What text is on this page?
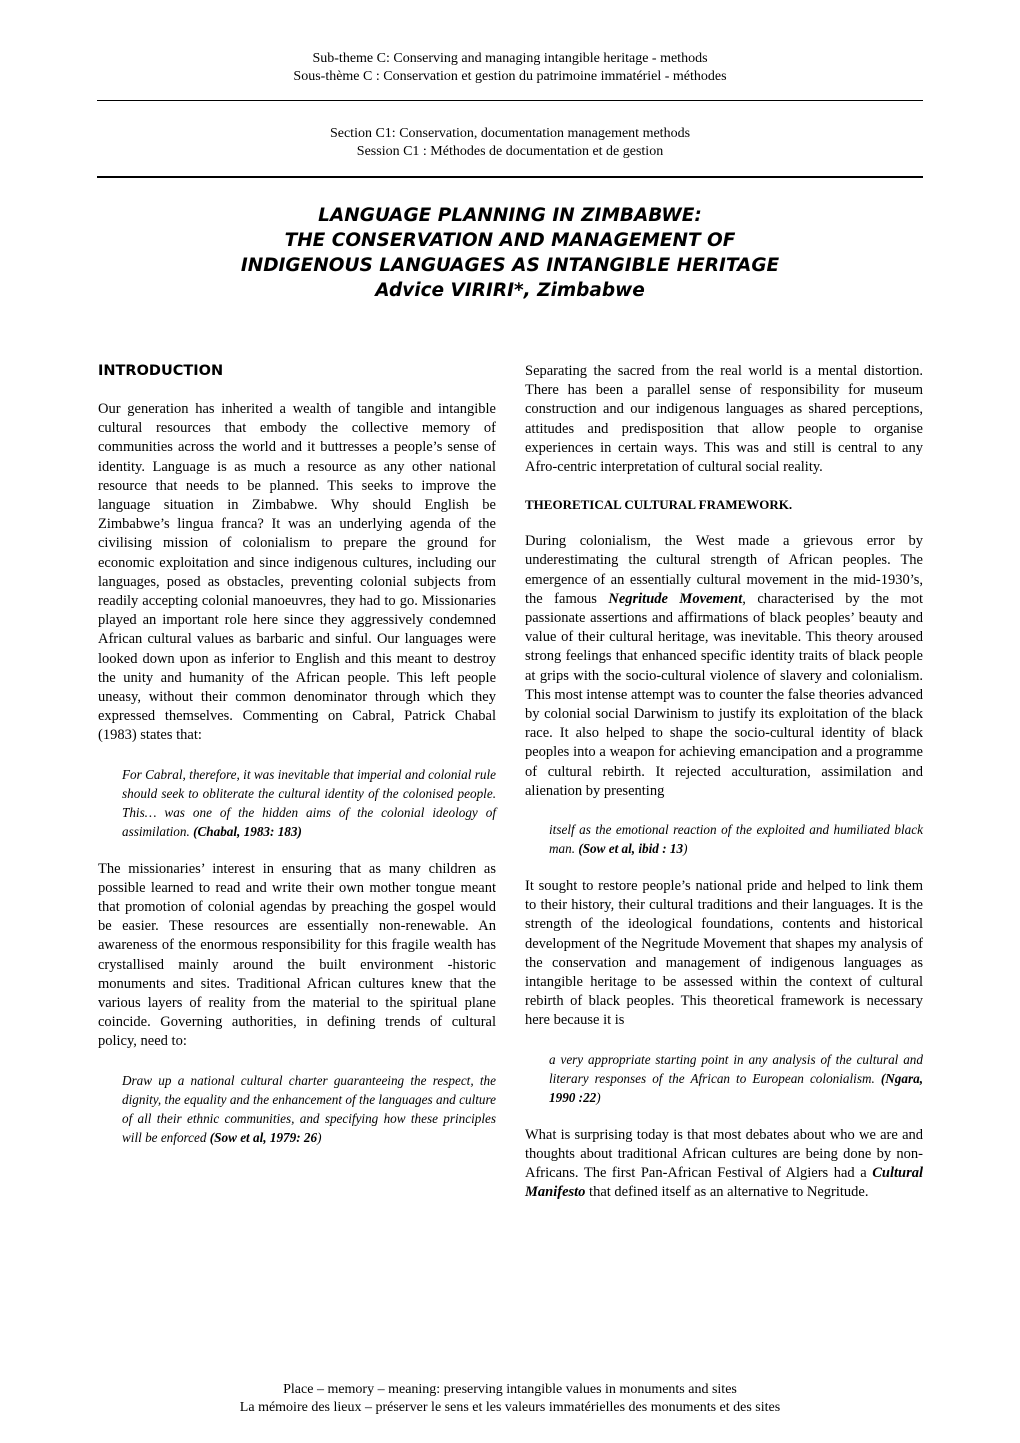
Sub-theme C: Conserving and managing intangible heritage - methods
Sous-thème C : Conservation et gestion du patrimoine immatériel - méthodes
Section C1: Conservation, documentation management methods
Session C1 : Méthodes de documentation et de gestion
LANGUAGE PLANNING IN ZIMBABWE:
THE CONSERVATION AND MANAGEMENT OF
INDIGENOUS LANGUAGES AS INTANGIBLE HERITAGE
Advice VIRIRI*, Zimbabwe
INTRODUCTION

Our generation has inherited a wealth of tangible and intangible cultural resources that embody the collective memory of communities across the world and it buttresses a people’s sense of identity. Language is as much a resource as any other national resource that needs to be planned. This seeks to improve the language situation in Zimbabwe. Why should English be Zimbabwe’s lingua franca? It was an underlying agenda of the civilising mission of colonialism to prepare the ground for economic exploitation and since indigenous cultures, including our languages, posed as obstacles, preventing colonial subjects from readily accepting colonial manoeuvres, they had to go. Missionaries played an important role here since they aggressively condemned African cultural values as barbaric and sinful. Our languages were looked down upon as inferior to English and this meant to destroy the unity and humanity of the African people. This left people uneasy, without their common denominator through which they expressed themselves. Commenting on Cabral, Patrick Chabal (1983) states that:

For Cabral, therefore, it was inevitable that imperial and colonial rule should seek to obliterate the cultural identity of the colonised people. This… was one of the hidden aims of the colonial ideology of assimilation. (Chabal, 1983: 183)

The missionaries’ interest in ensuring that as many children as possible learned to read and write their own mother tongue meant that promotion of colonial agendas by preaching the gospel would be easier. These resources are essentially non-renewable. An awareness of the enormous responsibility for this fragile wealth has crystallised mainly around the built environment -historic monuments and sites. Traditional African cultures knew that the various layers of reality from the material to the spiritual plane coincide. Governing authorities, in defining trends of cultural policy, need to:

Draw up a national cultural charter guaranteeing the respect, the dignity, the equality and the enhancement of the languages and culture of all their ethnic communities, and specifying how these principles will be enforced (Sow et al, 1979: 26)

Separating the sacred from the real world is a mental distortion. There has been a parallel sense of responsibility for museum construction and our indigenous languages as shared perceptions, attitudes and predisposition that allow people to organise experiences in certain ways. This was and still is central to any Afro-centric interpretation of cultural social reality.

THEORETICAL CULTURAL FRAMEWORK.

During colonialism, the West made a grievous error by underestimating the cultural strength of African peoples. The emergence of an essentially cultural movement in the mid-1930’s, the famous Negritude Movement, characterised by the mot passionate assertions and affirmations of black peoples’ beauty and value of their cultural heritage, was inevitable. This theory aroused strong feelings that enhanced specific identity traits of black people at grips with the socio-cultural violence of slavery and colonialism. This most intense attempt was to counter the false theories advanced by colonial social Darwinism to justify its exploitation of the black race. It also helped to shape the socio-cultural identity of black peoples into a weapon for achieving emancipation and a programme of cultural rebirth. It rejected acculturation, assimilation and alienation by presenting

itself as the emotional reaction of the exploited and humiliated black man. (Sow et al, ibid : 13)

It sought to restore people’s national pride and helped to link them to their history, their cultural traditions and their languages. It is the strength of the ideological foundations, contents and historical development of the Negritude Movement that shapes my analysis of the conservation and management of indigenous languages as intangible heritage to be assessed within the context of cultural rebirth of black peoples. This theoretical framework is necessary here because it is

a very appropriate starting point in any analysis of the cultural and literary responses of the African to European colonialism. (Ngara, 1990 :22)

What is surprising today is that most debates about who we are and thoughts about traditional African cultures are being done by non-Africans. The first Pan-African Festival of Algiers had a Cultural Manifesto that defined itself as an alternative to Negritude.

Place – memory – meaning: preserving intangible values in monuments and sites
La mémoire des lieux – préserver le sens et les valeurs immatérielles des monuments et des sites
